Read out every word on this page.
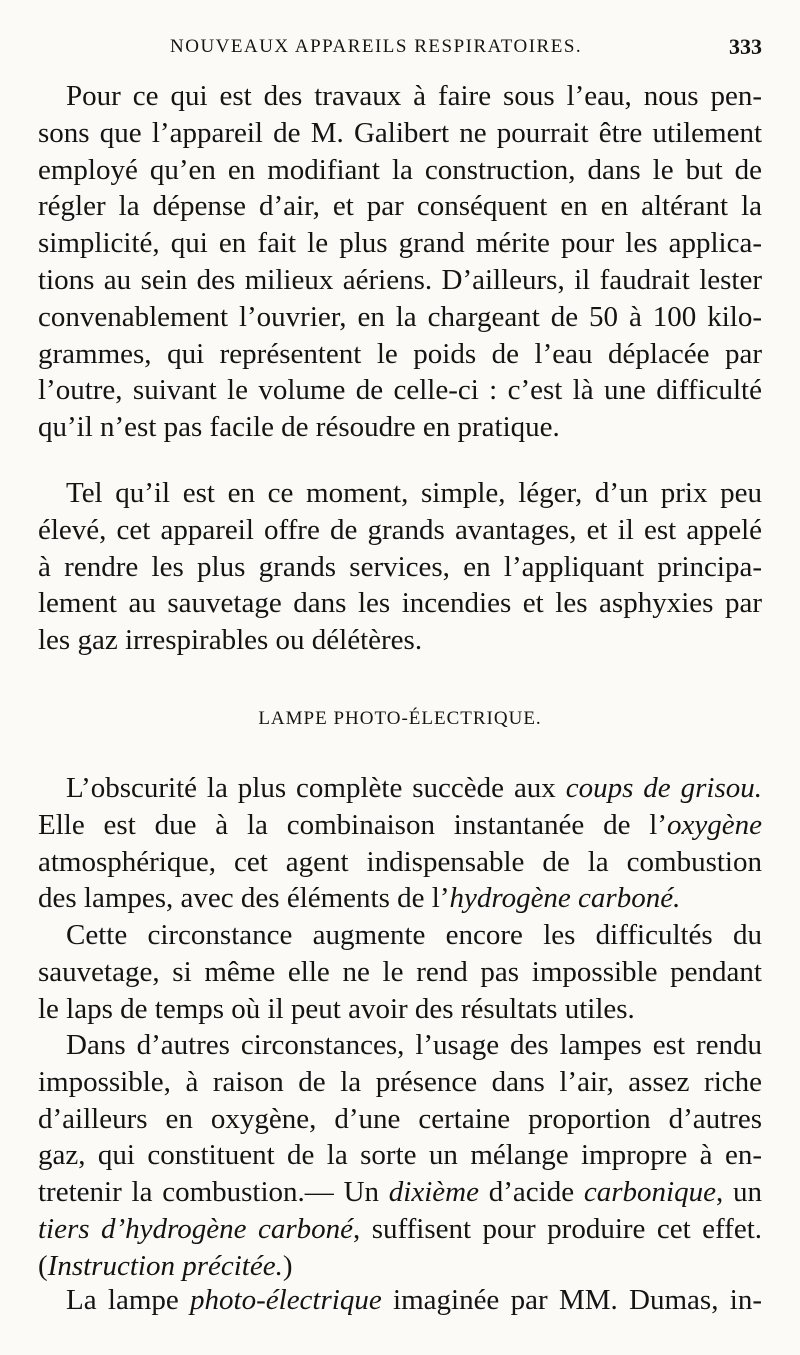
NOUVEAUX APPAREILS RESPIRATOIRES.	333
Pour ce qui est des travaux à faire sous l’eau, nous pen-
sons que l’appareil de M. Galibert ne pourrait être utilement
employé qu’en en modifiant la construction, dans le but de
régler la dépense d’air, et par conséquent en en altérant la
simplicité, qui en fait le plus grand mérite pour les applica-
tions au sein des milieux aériens. D’ailleurs, il faudrait lester
convenablement l’ouvrier, en la chargeant de 50 à 100 kilo-
grammes, qui représentent le poids de l’eau déplacée par
l’outre, suivant le volume de celle-ci : c’est là une difficulté
qu’il n’est pas facile de résoudre en pratique.
Tel qu’il est en ce moment, simple, léger, d’un prix peu
élevé, cet appareil offre de grands avantages, et il est appelé
à rendre les plus grands services, en l’appliquant principa-
lement au sauvetage dans les incendies et les asphyxies par
les gaz irrespirables ou délétères.
LAMPE PHOTO-ÉLECTRIQUE.
L’obscurité la plus complète succède aux coups de grisou.
Elle est due à la combinaison instantanée de l’oxygène
atmosphérique, cet agent indispensable de la combustion
des lampes, avec des éléments de l’hydrogène carboné.
Cette circonstance augmente encore les difficultés du
sauvetage, si même elle ne le rend pas impossible pendant
le laps de temps où il peut avoir des résultats utiles.
Dans d’autres circonstances, l’usage des lampes est rendu
impossible, à raison de la présence dans l’air, assez riche
d’ailleurs en oxygène, d’une certaine proportion d’autres
gaz, qui constituent de la sorte un mélange impropre à en-
tretenir la combustion.— Un dixième d’acide carbonique, un
tiers d’hydrogène carboné, suffisent pour produire cet effet.
(Instruction précitée.)
La lampe photo-électrique imaginée par MM. Dumas, in-
